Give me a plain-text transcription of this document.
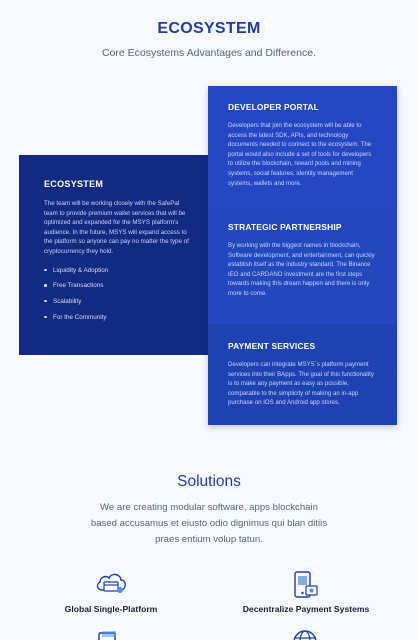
ECOSYSTEM
Core Ecosystems Advantages and Difference.
ECOSYSTEM

The team will be working closely with the SafePal team to provide premium wallet services that will be optimized and expanded for the MSYS platform's audience. In the future, MSYS will expand access to the platform so anyone can pay no matter the type of cryptocurrency they hold.

Liquidity & Adoption
Free Transactions
Scalability
For the Community
DEVELOPER PORTAL

Developers that join the ecosystem will be able to access the latest SDK, APIs, and technology documents needed to connect to the ecosystem. The portal would also include a set of tools for developers to utilize the blockchain, reward pools and mining systems, social features, identity management systems, wallets and more.

STRATEGIC PARTNERSHIP

By working with the biggest names in blockchain, Software development, and entertainment, can quickly establish itself as the industry standard. The Binance IEO and CARDANO investment are the first steps towards making this dream happen and there is only more to come.

PAYMENT SERVICES

Developers can integrate MSYS`s platform payment services into their BApps. The goal of this functionality is to make any payment as easy as possible, comparable to the simplicity of making an in-app purchase on IOS and Android app stores.

Solutions
We are creating modular software, apps blockchain based accusamus et eiusto odio dignimus qui blan ditiis praes entium volup tatun.
Global Single-Platform	Decentralize Payment Systems
